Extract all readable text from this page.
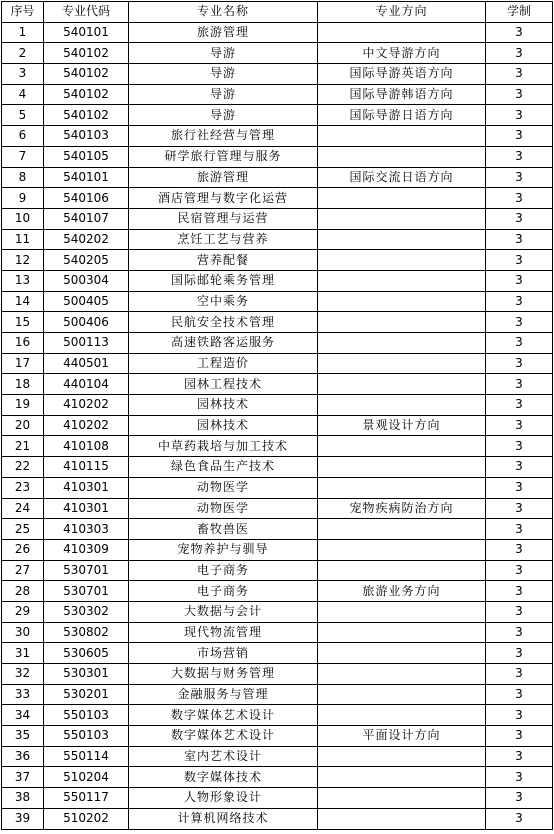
序号	专业代码	专业名称	专业方向	学制
1	540101	旅游管理		3
2	540102	导游	中文导游方向	3
3	540102	导游	国际导游英语方向	3
4	540102	导游	国际导游韩语方向	3
5	540102	导游	国际导游日语方向	3
6	540103	旅行社经营与管理		3
7	540105	研学旅行管理与服务		3
8	540101	旅游管理	国际交流日语方向	3
9	540106	酒店管理与数字化运营		3
10	540107	民宿管理与运营		3
11	540202	烹饪工艺与营养		3
12	540205	营养配餐		3
13	500304	国际邮轮乘务管理		3
14	500405	空中乘务		3
15	500406	民航安全技术管理		3
16	500113	高速铁路客运服务		3
17	440501	工程造价		3
18	440104	园林工程技术		3
19	410202	园林技术		3
20	410202	园林技术	景观设计方向	3
21	410108	中草药栽培与加工技术		3
22	410115	绿色食品生产技术		3
23	410301	动物医学		3
24	410301	动物医学	宠物疾病防治方向	3
25	410303	畜牧兽医		3
26	410309	宠物养护与驯导		3
27	530701	电子商务		3
28	530701	电子商务	旅游业务方向	3
29	530302	大数据与会计		3
30	530802	现代物流管理		3
31	530605	市场营销		3
32	530301	大数据与财务管理		3
33	530201	金融服务与管理		3
34	550103	数字媒体艺术设计		3
35	550103	数字媒体艺术设计	平面设计方向	3
36	550114	室内艺术设计		3
37	510204	数字媒体技术		3
38	550117	人物形象设计		3
39	510202	计算机网络技术		3
